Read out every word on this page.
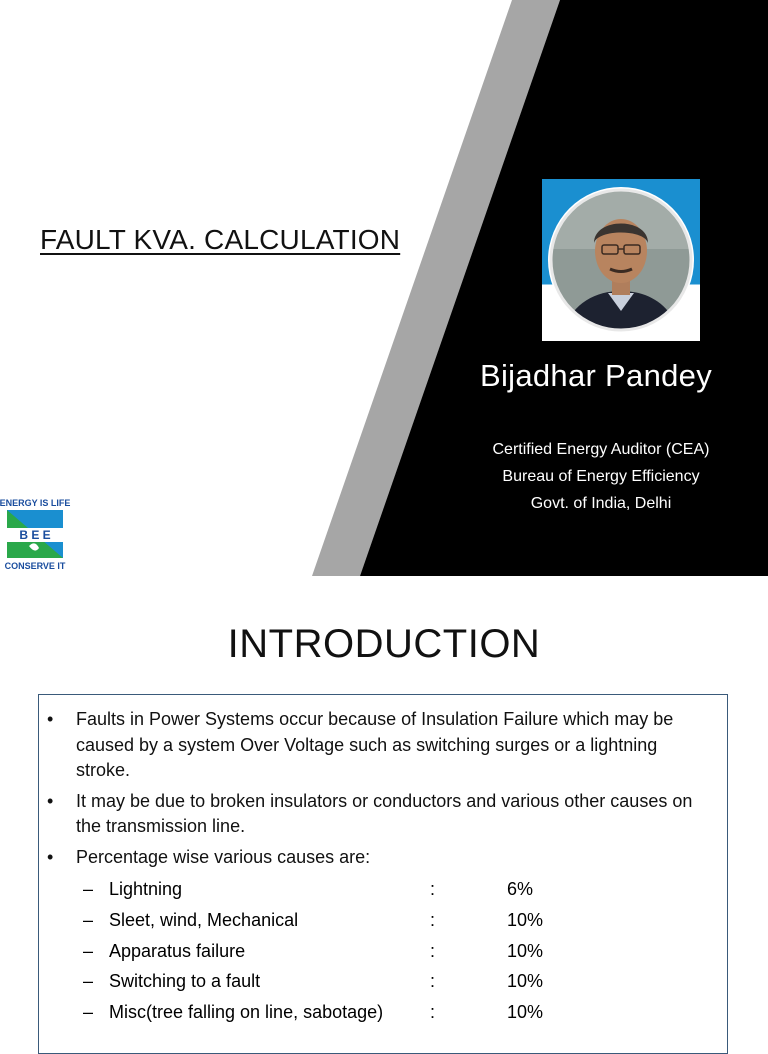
FAULT KVA. CALCULATION
Bijadhar Pandey
Certified Energy Auditor (CEA)
Bureau of Energy Efficiency
Govt. of India, Delhi
ENERGY IS LIFE
B E E
CONSERVE IT
INTRODUCTION
• Faults in Power Systems occur because of Insulation Failure which may be caused by a system Over Voltage such as switching surges or a lightning stroke.
• It may be due to broken insulators or conductors and various other causes on the transmission line.
• Percentage wise various causes are:
– Lightning	:	6%
– Sleet, wind, Mechanical	:	10%
– Apparatus failure	:	10%
– Switching to a fault	:	10%
– Misc(tree falling on line, sabotage)	:	10%
